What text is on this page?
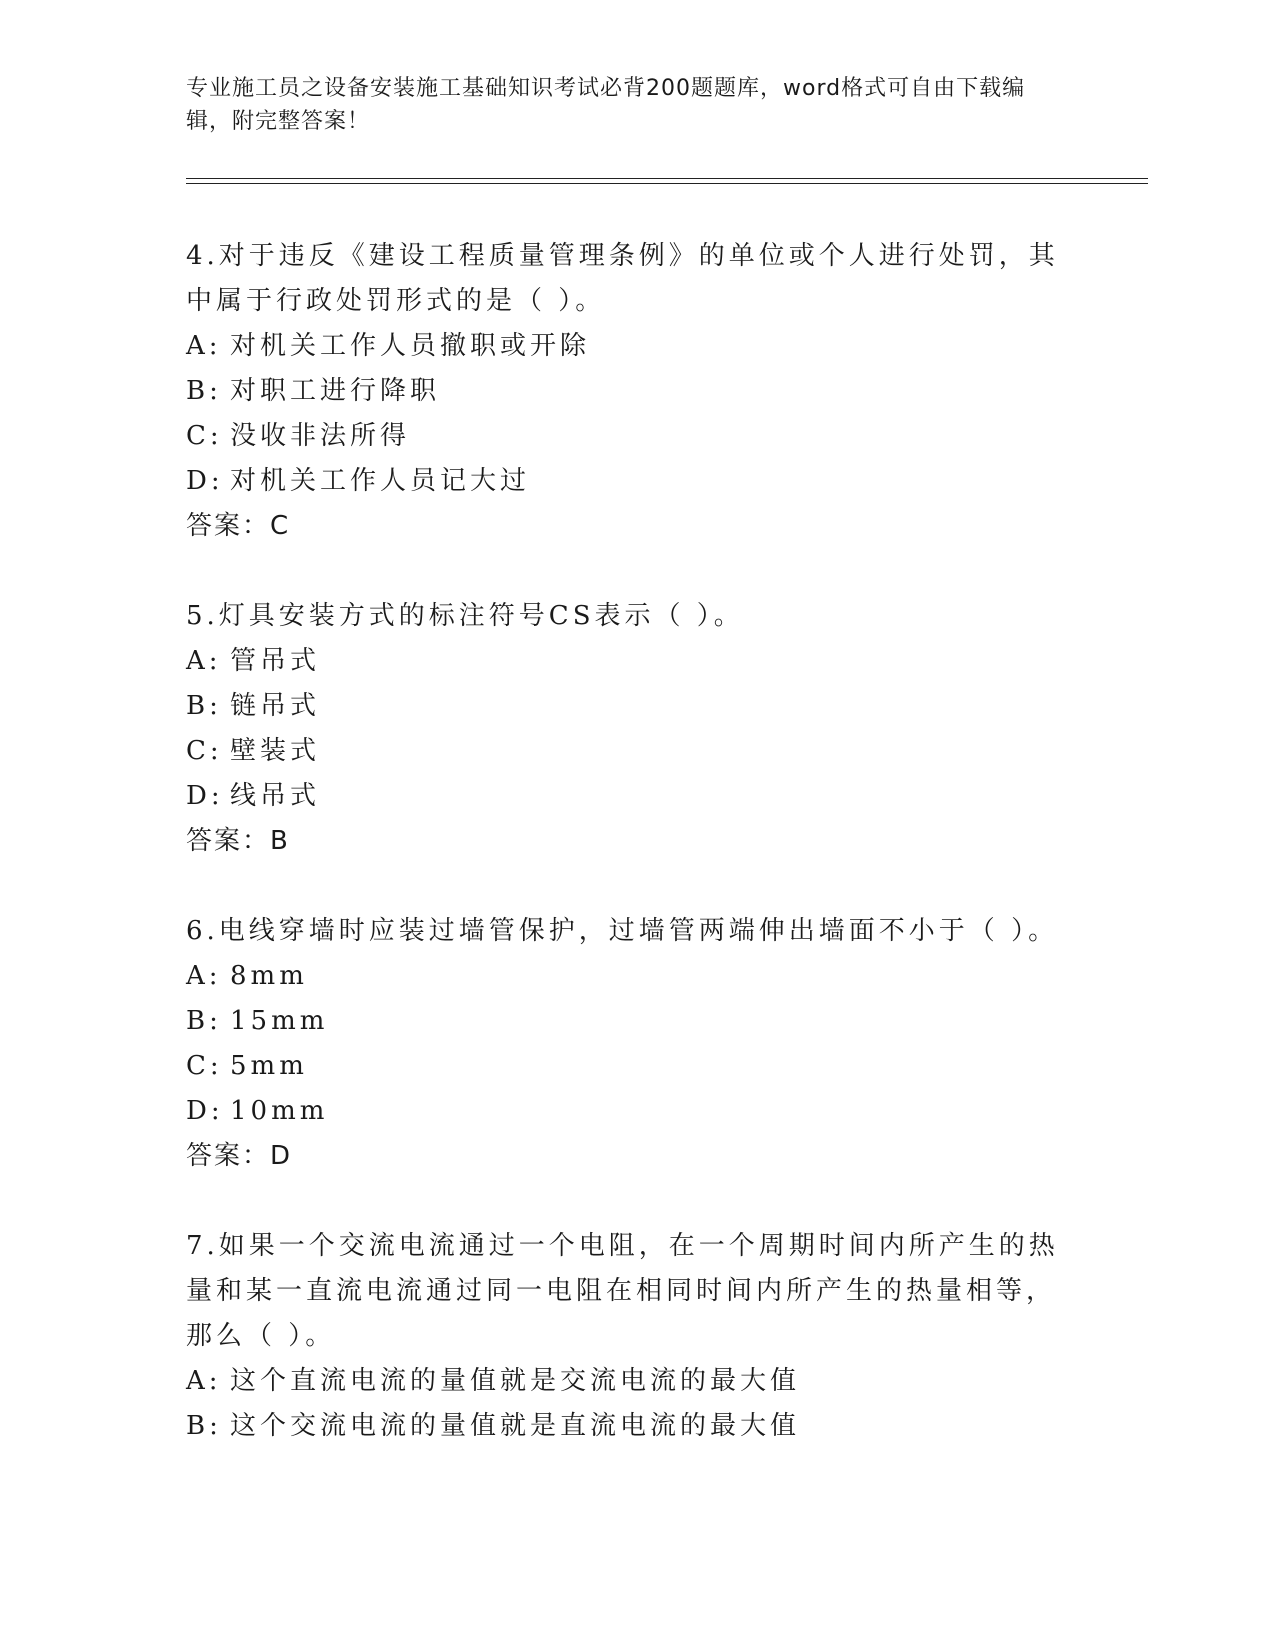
专业施工员之设备安装施工基础知识考试必背200题题库，word格式可自由下载编辑，附完整答案！

4.对于违反《建设工程质量管理条例》的单位或个人进行处罚，其中属于行政处罚形式的是（ ）。

A: 对机关工作人员撤职或开除

B: 对职工进行降职

C: 没收非法所得

D: 对机关工作人员记大过

答案：C

5.灯具安装方式的标注符号CS表示（ ）。

A: 管吊式

B: 链吊式

C: 壁装式

D: 线吊式

答案：B

6.电线穿墙时应装过墙管保护，过墙管两端伸出墙面不小于（ ）。

A: 8mm

B: 15mm

C: 5mm

D: 10mm

答案：D

7.如果一个交流电流通过一个电阻，在一个周期时间内所产生的热量和某一直流电流通过同一电阻在相同时间内所产生的热量相等，那么（ ）。

A: 这个直流电流的量值就是交流电流的最大值

B: 这个交流电流的量值就是直流电流的最大值
